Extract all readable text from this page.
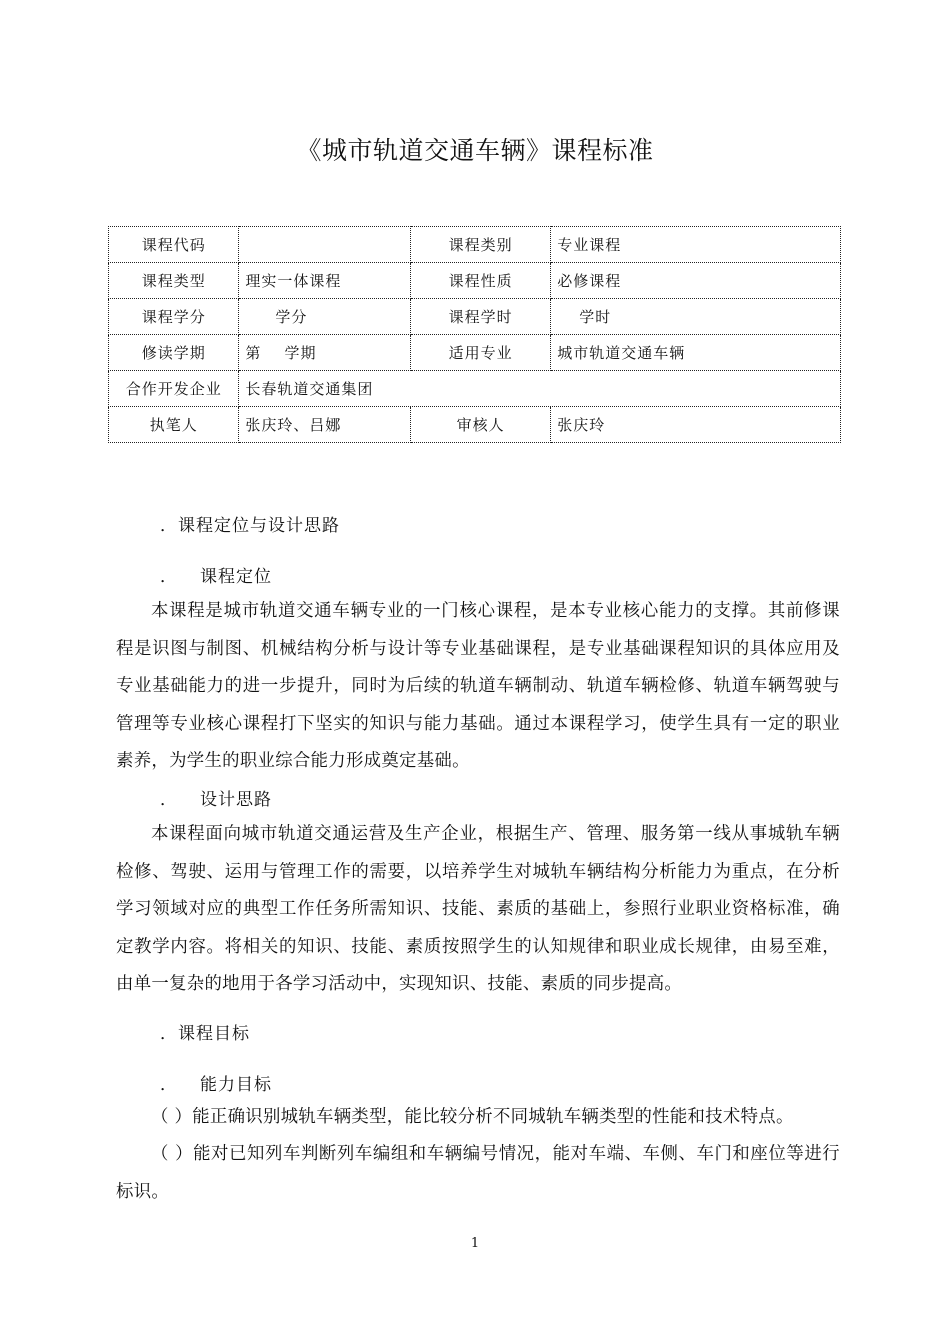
《城市轨道交通车辆》课程标准
课程代码		课程类别	专业课程
课程类型	理实一体课程	课程性质	必修课程
课程学分	学分	课程学时	学时
修读学期	第    学期	适用专业	城市轨道交通车辆
合作开发企业	长春轨道交通集团		
执笔人	张庆玲、吕娜	审核人	张庆玲
．课程定位与设计思路
． 课程定位
本课程是城市轨道交通车辆专业的一门核心课程，是本专业核心能力的支撑。其前修课程是识图与制图、机械结构分析与设计等专业基础课程，是专业基础课程知识的具体应用及专业基础能力的进一步提升，同时为后续的轨道车辆制动、轨道车辆检修、轨道车辆驾驶与管理等专业核心课程打下坚实的知识与能力基础。通过本课程学习，使学生具有一定的职业素养，为学生的职业综合能力形成奠定基础。
． 设计思路
本课程面向城市轨道交通运营及生产企业，根据生产、管理、服务第一线从事城轨车辆检修、驾驶、运用与管理工作的需要，以培养学生对城轨车辆结构分析能力为重点，在分析学习领域对应的典型工作任务所需知识、技能、素质的基础上，参照行业职业资格标准，确定教学内容。将相关的知识、技能、素质按照学生的认知规律和职业成长规律，由易至难，由单一复杂的地用于各学习活动中，实现知识、技能、素质的同步提高。
．课程目标
． 能力目标
（ ）能正确识别城轨车辆类型，能比较分析不同城轨车辆类型的性能和技术特点。
（ ）能对已知列车判断列车编组和车辆编号情况，能对车端、车侧、车门和座位等进行标识。
1
